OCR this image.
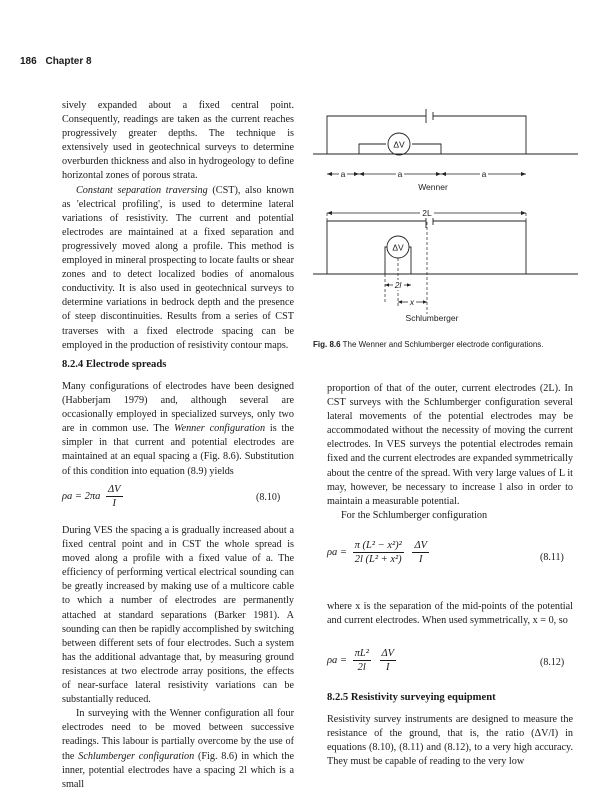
186 Chapter 8

sively expanded about a fixed central point. Consequently, readings are taken as the current reaches progressively greater depths. The technique is extensively used in geotechnical surveys to determine overburden thickness and also in hydrogeology to define horizontal zones of porous strata.

Constant separation traversing (CST), also known as 'electrical profiling', is used to determine lateral variations of resistivity. The current and potential electrodes are maintained at a fixed separation and progressively moved along a profile. This method is employed in mineral prospecting to locate faults or shear zones and to detect localized bodies of anomalous conductivity. It is also used in geotechnical surveys to determine variations in bedrock depth and the presence of steep discontinuities. Results from a series of CST traverses with a fixed electrode spacing can be employed in the production of resistivity contour maps.

8.2.4 Electrode spreads

Many configurations of electrodes have been designed (Habberjam 1979) and, although several are occasionally employed in specialized surveys, only two are in common use. The Wenner configuration is the simpler in that current and potential electrodes are maintained at an equal spacing a (Fig. 8.6). Substitution of this condition into equation (8.9) yields

$\rho a = 2\pi a \frac{\Delta V}{I}$	(8.10)

During VES the spacing a is gradually increased about a fixed central point and in CST the whole spread is moved along a profile with a fixed value of a. The efficiency of performing vertical electrical sounding can be greatly increased by making use of a multicore cable to which a number of electrodes are permanently attached at standard separations (Barker 1981). A sounding can then be rapidly accomplished by switching between different sets of four electrodes. Such a system has the additional advantage that, by measuring ground resistances at two electrode array positions, the effects of near-surface lateral resistivity variations can be substantially reduced.

In surveying with the Wenner configuration all four electrodes need to be moved between successive readings. This labour is partially overcome by the use of the Schlumberger configuration (Fig. 8.6) in which the inner, potential electrodes have a spacing 2l which is a small

ΔV
a	a	a
Wenner
ΔV
2L
2l
x
Schlumberger
Fig. 8.6 The Wenner and Schlumberger electrode configurations.

proportion of that of the outer, current electrodes (2L). In CST surveys with the Schlumberger configuration several lateral movements of the potential electrodes may be accommodated without the necessity of moving the current electrodes. In VES surveys the potential electrodes remain fixed and the current electrodes are expanded symmetrically about the centre of the spread. With very large values of L it may, however, be necessary to increase l also in order to maintain a measurable potential.

For the Schlumberger configuration

$\rho a = \frac{\text{π (L² − x²)²}}{\text{2l (L² + x²)}}$
$\frac{\Delta V}{I}$	(8.11)

where x is the separation of the mid-points of the potential and current electrodes. When used symmetrically, x = 0, so

$\rho a = \frac{\text{πL²}}{2l}$
$\frac{\Delta V}{I}$	(8.12)
8.2.5 Resistivity surveying equipment

Resistivity survey instruments are designed to measure the resistance of the ground, that is, the ratio (ΔV/I) in equations (8.10), (8.11) and (8.12), to a very high accuracy. They must be capable of reading to the very low
